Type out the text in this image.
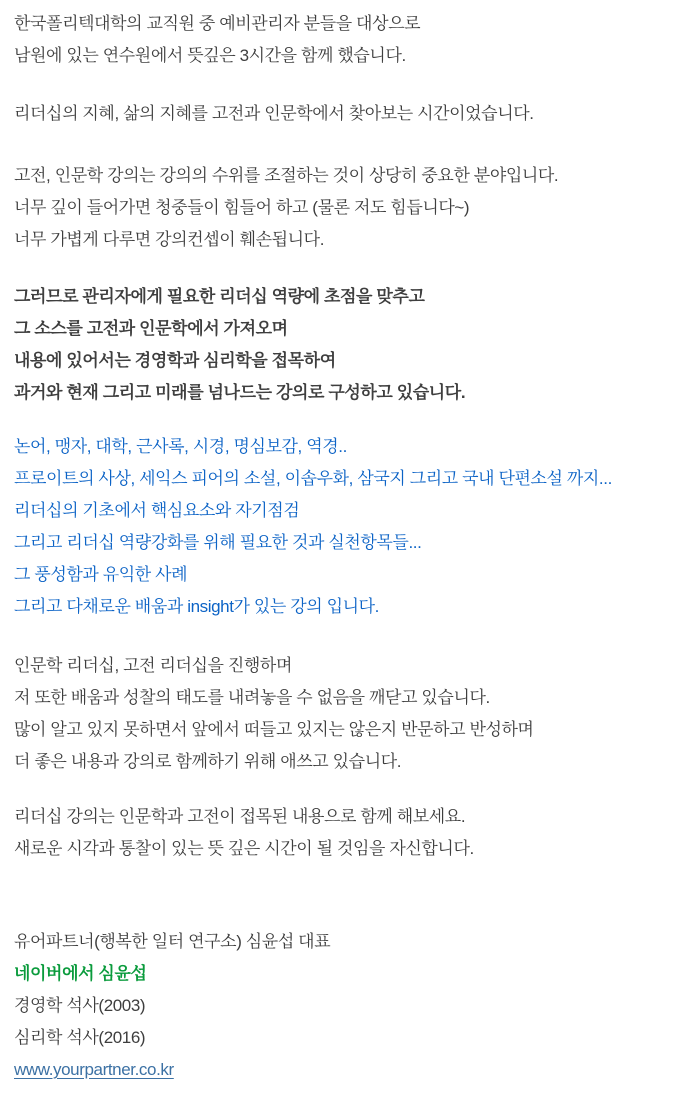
한국폴리텍대학의 교직원 중 예비관리자 분들을 대상으로

남원에 있는 연수원에서 뜻깊은 3시간을 함께 했습니다.

리더십의 지혜, 삶의 지혜를 고전과 인문학에서 찾아보는 시간이었습니다.

고전, 인문학 강의는 강의의 수위를 조절하는 것이 상당히 중요한 분야입니다.

너무 깊이 들어가면 청중들이 힘들어 하고 (물론 저도 힘듭니다~)

너무 가볍게 다루면 강의컨셉이 훼손됩니다.

그러므로 관리자에게 필요한 리더십 역량에 초점을 맞추고

그 소스를 고전과 인문학에서 가져오며

내용에 있어서는 경영학과 심리학을 접목하여

과거와 현재 그리고 미래를 넘나드는 강의로 구성하고 있습니다.

논어, 맹자, 대학, 근사록, 시경, 명심보감, 역경..

프로이트의 사상, 세익스 피어의 소설, 이솝우화, 삼국지 그리고 국내 단편소설 까지...

리더십의 기초에서 핵심요소와 자기점검

그리고 리더십 역량강화를 위해 필요한 것과 실천항목들...

그 풍성함과 유익한 사례

그리고 다채로운 배움과 insight가 있는 강의 입니다.

인문학 리더십, 고전 리더십을 진행하며

저 또한 배움과 성찰의 태도를 내려놓을 수 없음을 깨닫고 있습니다.

많이 알고 있지 못하면서 앞에서 떠들고 있지는 않은지 반문하고 반성하며

더 좋은 내용과 강의로 함께하기 위해 애쓰고 있습니다.

리더십 강의는 인문학과 고전이 접목된 내용으로 함께 해보세요.

새로운 시각과 통찰이 있는 뜻 깊은 시간이 될 것임을 자신합니다.

유어파트너(행복한 일터 연구소) 심윤섭 대표

네이버에서 심윤섭

경영학 석사(2003)

심리학 석사(2016)

www.yourpartner.co.kr
